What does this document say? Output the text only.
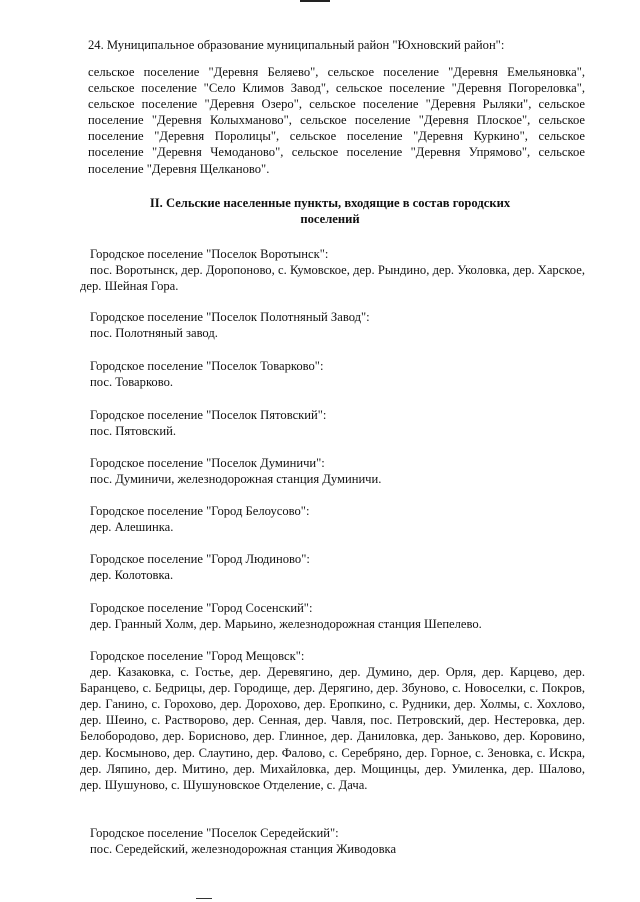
24. Муниципальное образование муниципальный район "Юхновский район":
сельское поселение "Деревня Беляево", сельское поселение "Деревня Емельяновка", сельское поселение "Село Климов Завод", сельское поселение "Деревня Погореловка", сельское поселение "Деревня Озеро", сельское поселение "Деревня Рыляки", сельское поселение "Деревня Колыхманово", сельское поселение "Деревня Плоское", сельское поселение "Деревня Поролицы", сельское поселение "Деревня Куркино", сельское поселение "Деревня Чемоданово", сельское поселение "Деревня Упрямово", сельское поселение "Деревня Щелканово".
II. Сельские населенные пункты, входящие в состав городских
поселений
Городское поселение "Поселок Воротынск":
пос. Воротынск, дер. Доропоново, с. Кумовское, дер. Рындино, дер. Уколовка, дер. Харское, дер. Шейная Гора.
Городское поселение "Поселок Полотняный Завод":
пос. Полотняный завод.
Городское поселение "Поселок Товарково":
пос. Товарково.
Городское поселение "Поселок Пятовский":
пос. Пятовский.
Городское поселение "Поселок Думиничи":
пос. Думиничи, железнодорожная станция Думиничи.
Городское поселение "Город Белоусово":
дер. Алешинка.
Городское поселение "Город Людиново":
дер. Колотовка.
Городское поселение "Город Сосенский":
дер. Гранный Холм, дер. Марьино, железнодорожная станция Шепелево.
Городское поселение "Город Мещовск":
дер. Казаковка, с. Гостье, дер. Деревягино, дер. Думино, дер. Орля, дер. Карцево, дер. Баранцево, с. Бедрицы, дер. Городище, дер. Дерягино, дер. Збуново, с. Новоселки, с. Покров, дер. Ганино, с. Горохово, дер. Дорохово, дер. Еропкино, с. Рудники, дер. Холмы, с. Хохлово, дер. Шеино, с. Растворово, дер. Сенная, дер. Чавля, пос. Петровский, дер. Нестеровка, дер. Белобородово, дер. Борисново, дер. Глинное, дер. Даниловка, дер. Заньково, дер. Коровино, дер. Космыново, дер. Слаутино, дер. Фалово, с. Серебряно, дер. Горное, с. Зеновка, с. Искра, дер. Ляпино, дер. Митино, дер. Михайловка, дер. Мощинцы, дер. Умиленка, дер. Шалово, дер. Шушуново, с. Шушуновское Отделение, с. Дача.
Городское поселение "Поселок Середейский":
пос. Середейский, железнодорожная станция Живодовка
